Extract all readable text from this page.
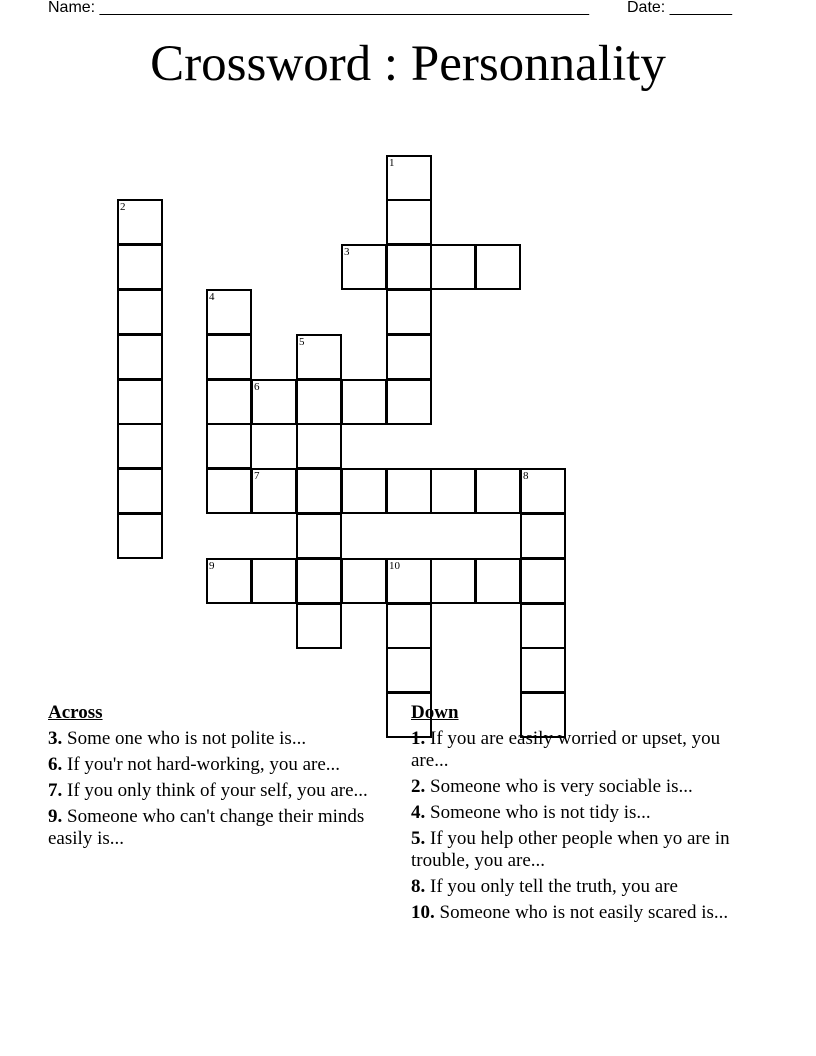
Name: _______________________________________________________ Date: _______
Crossword : Personnality
1
2
3
4
5
6
7	8
9	10
Across
3. Some one who is not polite is...
6. If you'r not hard-working, you are...
7. If you only think of your self, you are...
9. Someone who can't change their minds easily is...
Down
1. If you are easily worried or upset, you are...
2. Someone who is very sociable is...
4. Someone who is not tidy is...
5. If you help other people when yo are in trouble, you are...
8. If you only tell the truth, you are
10. Someone who is not easily scared is...
